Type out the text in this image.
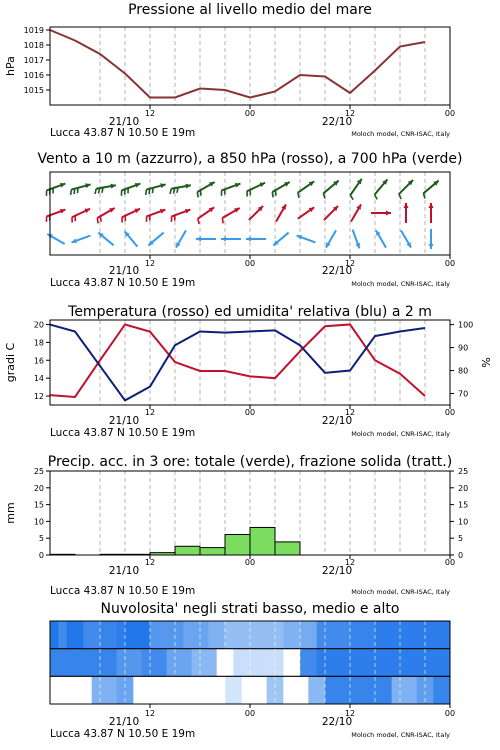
1015
1016
1017
1018
1019
hPa
Pressione al livello medio del mare
12	00	12	00
21/10	22/10
Lucca 43.87 N 10.50 E 19m	Moloch model, CNR-ISAC, Italy
Vento a 10 m (azzurro), a 850 hPa (rosso), a 700 hPa (verde)
12	00	12	00
21/10	22/10
Lucca 43.87 N 10.50 E 19m	Moloch model, CNR-ISAC, Italy
12
14
16
18
20
70
80
90
100
gradi C	%
Temperatura (rosso) ed umidita' relativa (blu) a 2 m
12	00	12	00
21/10	22/10
Lucca 43.87 N 10.50 E 19m	Moloch model, CNR-ISAC, Italy
0
5
10
15
20
25
0
5
10
15
20
25
mm
Precip. acc. in 3 ore: totale (verde), frazione solida (tratt.)
12	00	12	00
21/10	22/10
Lucca 43.87 N 10.50 E 19m	Moloch model, CNR-ISAC, Italy
Nuvolosita' negli strati basso, medio e alto
12	00	12	00
21/10	22/10
Lucca 43.87 N 10.50 E 19m	Moloch model, CNR-ISAC, Italy
